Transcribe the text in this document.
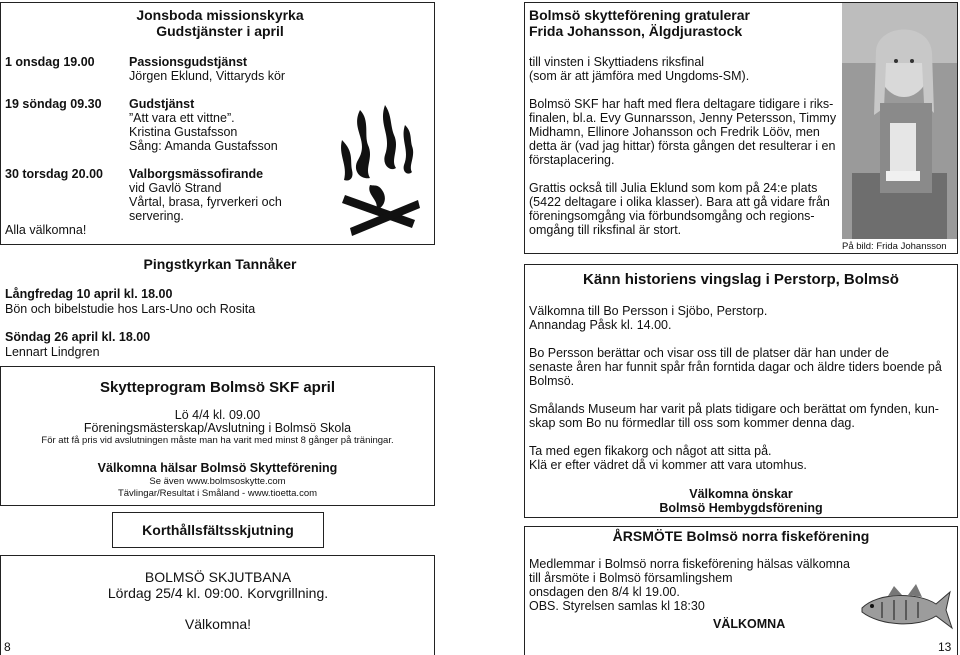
Jonsboda missionskyrka
Gudstjänster i april
1 onsdag 19.00	Passionsgudstjänst
Jörgen Eklund, Vittaryds kör
19 söndag 09.30 Gudstjänst
”Att vara ett vittne”.
Kristina Gustafsson
Sång: Amanda Gustafsson
30 torsdag 20.00 Valborgsmässofirande
vid Gavlö Strand
Vårtal, brasa, fyrverkeri och
servering.
Alla välkomna!
Pingstkyrkan Tannåker
Långfredag 10 april kl. 18.00
Bön och bibelstudie hos Lars-Uno och Rosita
Söndag 26 april kl. 18.00
Lennart Lindgren
Skytteprogram Bolmsö SKF april
Lö 4/4 kl. 09.00
Föreningsmästerskap/Avslutning i Bolmsö Skola
För att få pris vid avslutningen måste man ha varit med minst 8 gånger på träningar.
Välkomna hälsar Bolmsö Skytteförening
Se även www.bolmsoskytte.com
Tävlingar/Resultat i Småland - www.tioetta.com
Korthållsfältsskjutning
BOLMSÖ SKJUTBANA
Lördag 25/4 kl. 09:00. Korvgrillning.
Välkomna!
8
Bolmsö skytteförening gratulerar
Frida Johansson, Älgdjurastock
till vinsten i Skyttiadens riksfinal
(som är att jämföra med Ungdoms-SM).
Bolmsö SKF har haft med flera deltagare tidigare i riks-
finalen, bl.a. Evy Gunnarsson, Jenny Petersson, Timmy
Midhamn, Ellinore Johansson och Fredrik Lööv, men
detta är (vad jag hittar) första gången det resulterar i en
förstaplacering.
Grattis också till Julia Eklund som kom på 24:e plats
(5422 deltagare i olika klasser). Bara att gå vidare från
föreningsomgång via förbundsomgång och regions-
omgång till riksfinal är stort.
På bild: Frida Johansson
Känn historiens vingslag i Perstorp, Bolmsö
Välkomna till Bo Persson i Sjöbo, Perstorp.
Annandag Påsk kl. 14.00.
Bo Persson berättar och visar oss till de platser där han under de
senaste åren har funnit spår från forntida dagar och äldre tiders boende på
Bolmsö.
Smålands Museum har varit på plats tidigare och berättat om fynden, kun-
skap som Bo nu förmedlar till oss som kommer denna dag.
Ta med egen fikakorg och något att sitta på.
Klä er efter vädret då vi kommer att vara utomhus.
Välkomna önskar
Bolmsö Hembygdsförening
ÅRSMÖTE Bolmsö norra fiskeförening
Medlemmar i Bolmsö norra fiskeförening hälsas välkomna
till årsmöte i Bolmsö församlingshem
onsdagen den 8/4 kl 19.00.
OBS. Styrelsen samlas kl 18:30
VÄLKOMNA
13
